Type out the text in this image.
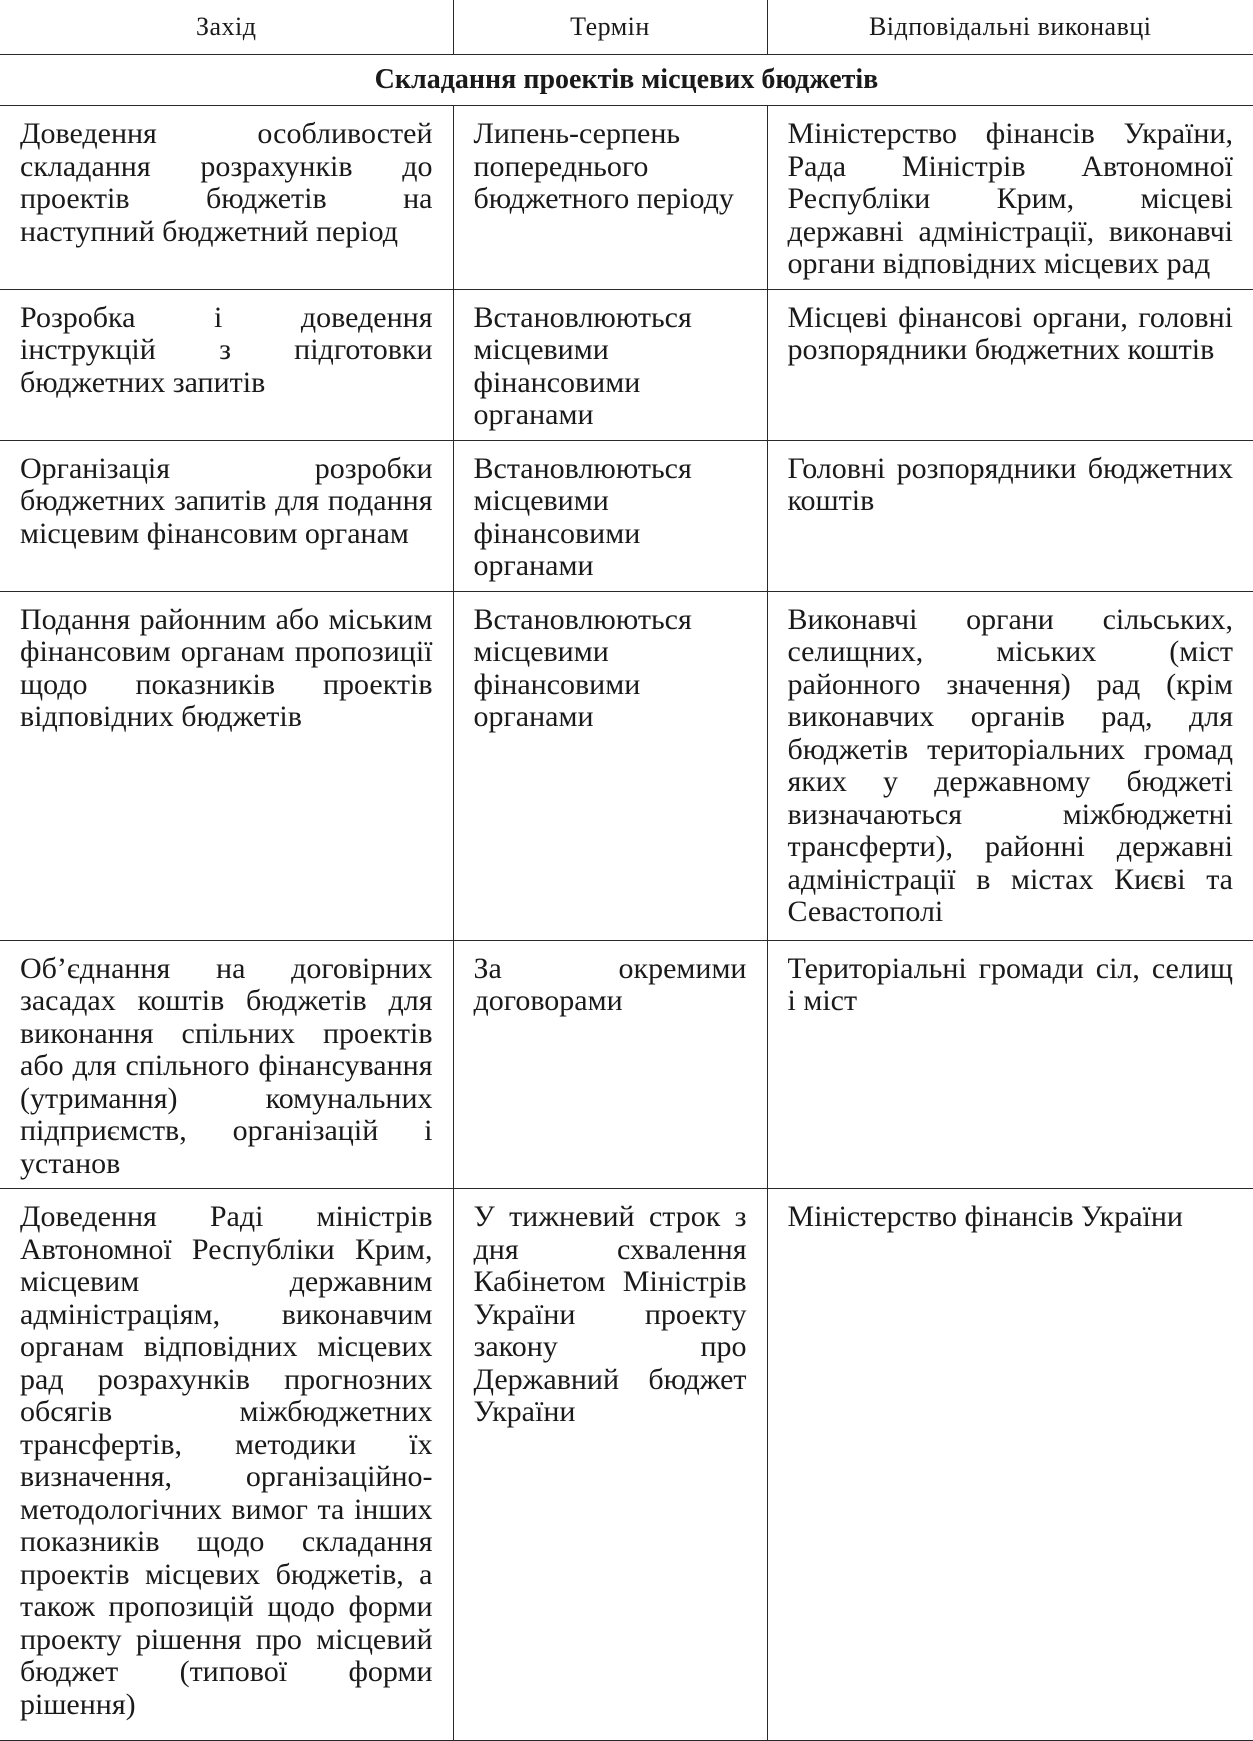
Захід	Термін	Відповідальні виконавці
Складання проектів місцевих бюджетів		

Доведення особливостей складання розрахунків до проектів бюджетів на наступний бюджетний період	Липень-серпень попереднього бюджетного періоду	Міністерство фінансів України, Рада Міністрів Автономної Республіки Крим, місцеві державні адміністрації, виконавчі органи відповідних місцевих рад

Розробка і доведення інструкцій з підготовки бюджетних запитів	Встановлюються місцевими фінансовими органами	Місцеві фінансові органи, головні розпорядники бюджетних коштів

Організація розробки бюджетних запитів для подання місцевим фінансовим органам	Встановлюються місцевими фінансовими органами	Головні розпорядники бюджетних коштів

Подання районним або міським фінансовим органам пропозиції щодо показників проектів відповідних бюджетів	Встановлюються місцевими фінансовими органами	Виконавчі органи сільських, селищних, міських (міст районного значення) рад (крім виконавчих органів рад, для бюджетів територіальних громад яких у державному бюджеті визначаються міжбюджетні трансферти), районні державні адміністрації в містах Києві та Севастополі

Об’єднання на договірних засадах коштів бюджетів для виконання спільних проектів або для спільного фінансування (утримання) комунальних підприємств, організацій і установ	За окремими договорами	Територіальні громади сіл, селищ і міст

Доведення Раді міністрів Автономної Республіки Крим, місцевим державним адміністраціям, виконавчим органам відповідних місцевих рад розрахунків прогнозних обсягів міжбюджетних трансфертів, методики їх визначення, організаційно-методологічних вимог та інших показників щодо складання проектів місцевих бюджетів, а також пропозицій щодо форми проекту рішення про місцевий бюджет (типової форми рішення)	У тижневий строк з дня схвалення Кабінетом Міністрів України проекту закону про Державний бюджет України	Міністерство фінансів України
